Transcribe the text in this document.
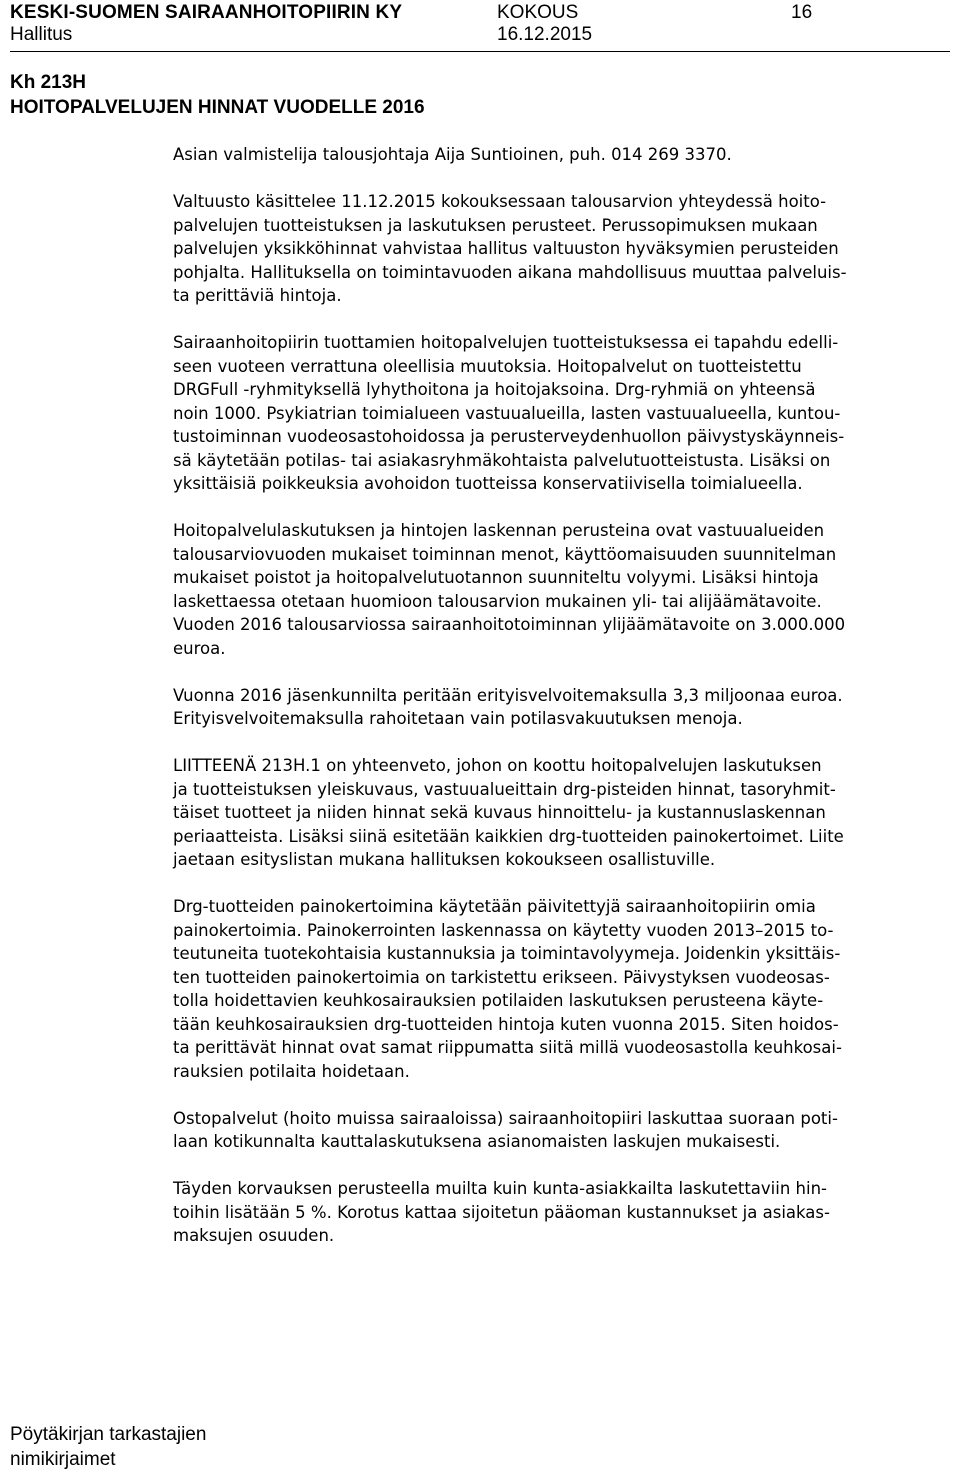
KESKI-SUOMEN SAIRAANHOITOPIIRIN KY	KOKOUS	16
Hallitus	16.12.2015
Kh 213H
HOITOPALVELUJEN HINNAT VUODELLE 2016
Asian valmistelija talousjohtaja Aija Suntioinen, puh. 014 269 3370.
Valtuusto käsittelee 11.12.2015 kokouksessaan talousarvion yhteydessä hoito-
palvelujen tuotteistuksen ja laskutuksen perusteet. Perussopimuksen mukaan
palvelujen yksikköhinnat vahvistaa hallitus valtuuston hyväksymien perusteiden
pohjalta. Hallituksella on toimintavuoden aikana mahdollisuus muuttaa palveluis-
ta perittäviä hintoja.
Sairaanhoitopiirin tuottamien hoitopalvelujen tuotteistuksessa ei tapahdu edelli-
seen vuoteen verrattuna oleellisia muutoksia. Hoitopalvelut on tuotteistettu
DRGFull -ryhmityksellä lyhythoitona ja hoitojaksoina. Drg-ryhmiä on yhteensä
noin 1000. Psykiatrian toimialueen vastuualueilla, lasten vastuualueella, kuntou-
tustoiminnan vuodeosastohoidossa ja perusterveydenhuollon päivystyskäynneis-
sä käytetään potilas- tai asiakasryhmäkohtaista palvelutuotteistusta. Lisäksi on
yksittäisiä poikkeuksia avohoidon tuotteissa konservatiivisella toimialueella.
Hoitopalvelulaskutuksen ja hintojen laskennan perusteina ovat vastuualueiden
talousarviovuoden mukaiset toiminnan menot, käyttöomaisuuden suunnitelman
mukaiset poistot ja hoitopalvelutuotannon suunniteltu volyymi. Lisäksi hintoja
laskettaessa otetaan huomioon talousarvion mukainen yli- tai alijäämätavoite.
Vuoden 2016 talousarviossa sairaanhoitotoiminnan ylijäämätavoite on 3.000.000
euroa.
Vuonna 2016 jäsenkunnilta peritään erityisvelvoitemaksulla 3,3 miljoonaa euroa.
Erityisvelvoitemaksulla rahoitetaan vain potilasvakuutuksen menoja.
LIITTEENÄ 213H.1 on yhteenveto, johon on koottu hoitopalvelujen laskutuksen
ja tuotteistuksen yleiskuvaus, vastuualueittain drg-pisteiden hinnat, tasoryhmit-
täiset tuotteet ja niiden hinnat sekä kuvaus hinnoittelu- ja kustannuslaskennan
periaatteista. Lisäksi siinä esitetään kaikkien drg-tuotteiden painokertoimet. Liite
jaetaan esityslistan mukana hallituksen kokoukseen osallistuville.
Drg-tuotteiden painokertoimina käytetään päivitettyjä sairaanhoitopiirin omia
painokertoimia. Painokerrointen laskennassa on käytetty vuoden 2013–2015 to-
teutuneita tuotekohtaisia kustannuksia ja toimintavolyymeja. Joidenkin yksittäis-
ten tuotteiden painokertoimia on tarkistettu erikseen. Päivystyksen vuodeosas-
tolla hoidettavien keuhkosairauksien potilaiden laskutuksen perusteena käyte-
tään keuhkosairauksien drg-tuotteiden hintoja kuten vuonna 2015. Siten hoidos-
ta perittävät hinnat ovat samat riippumatta siitä millä vuodeosastolla keuhkosai-
rauksien potilaita hoidetaan.
Ostopalvelut (hoito muissa sairaaloissa) sairaanhoitopiiri laskuttaa suoraan poti-
laan kotikunnalta kauttalaskutuksena asianomaisten laskujen mukaisesti.
Täyden korvauksen perusteella muilta kuin kunta-asiakkailta laskutettaviin hin-
toihin lisätään 5 %. Korotus kattaa sijoitetun pääoman kustannukset ja asiakas-
maksujen osuuden.
Pöytäkirjan tarkastajien
nimikirjaimet
